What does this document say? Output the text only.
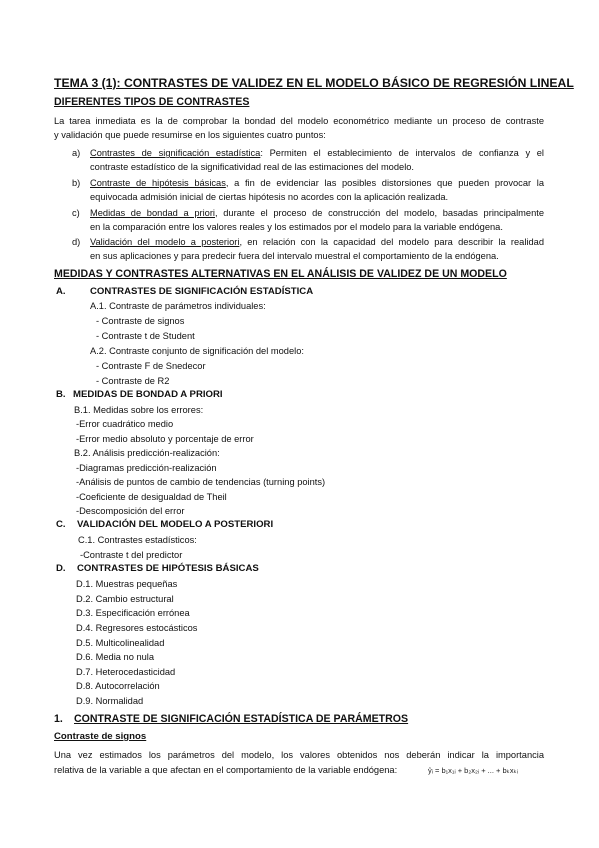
TEMA 3 (1): CONTRASTES DE VALIDEZ EN EL MODELO BÁSICO DE REGRESIÓN LINEAL
DIFERENTES TIPOS DE CONTRASTES
La tarea inmediata es la de comprobar la bondad del modelo econométrico mediante un proceso de contraste
y validación que puede resumirse en los siguientes cuatro puntos:
a) Contrastes de significación estadística: Permiten el establecimiento de intervalos de confianza y el
contraste estadístico de la significatividad real de las estimaciones del modelo.
b) Contraste de hipótesis básicas, a fin de evidenciar las posibles distorsiones que pueden provocar la
equivocada admisión inicial de ciertas hipótesis no acordes con la aplicación realizada.
c) Medidas de bondad a priori, durante el proceso de construcción del modelo, basadas principalmente
en la comparación entre los valores reales y los estimados por el modelo para la variable endógena.
d) Validación del modelo a posteriori, en relación con la capacidad del modelo para describir la realidad
en sus aplicaciones y para predecir fuera del intervalo muestral el comportamiento de la endógena.
MEDIDAS Y CONTRASTES ALTERNATIVAS EN EL ANÁLISIS DE VALIDEZ DE UN MODELO
A.	CONTRASTES DE SIGNIFICACIÓN ESTADÍSTICA
A.1. Contraste de parámetros individuales:
- Contraste de signos
- Contraste t de Student
A.2. Contraste conjunto de significación del modelo:
- Contraste F de Snedecor
- Contraste de R2
B. MEDIDAS DE BONDAD A PRIORI
B.1. Medidas sobre los errores:
-Error cuadrático medio
-Error medio absoluto y porcentaje de error
B.2. Análisis predicción-realización:
-Diagramas predicción-realización
-Análisis de puntos de cambio de tendencias (turning points)
-Coeficiente de desigualdad de Theil
-Descomposición del error
C. VALIDACIÓN DEL MODELO A POSTERIORI
C.1. Contrastes estadísticos:
-Contraste t del predictor
D. CONTRASTES DE HIPÓTESIS BÁSICAS
D.1. Muestras pequeñas
D.2. Cambio estructural
D.3. Especificación errónea
D.4. Regresores estocásticos
D.5. Multicolinealidad
D.6. Media no nula
D.7. Heterocedasticidad
D.8. Autocorrelación
D.9. Normalidad
1. CONTRASTE DE SIGNIFICACIÓN ESTADÍSTICA DE PARÁMETROS
Contraste de signos
Una vez estimados los parámetros del modelo, los valores obtenidos nos deberán indicar la importancia
relativa de la variable a que afectan en el comportamiento de la variable endógena:	ŷᵢ = b₁x₁ᵢ + b₂x₂ᵢ + ... + bₖxₖᵢ
